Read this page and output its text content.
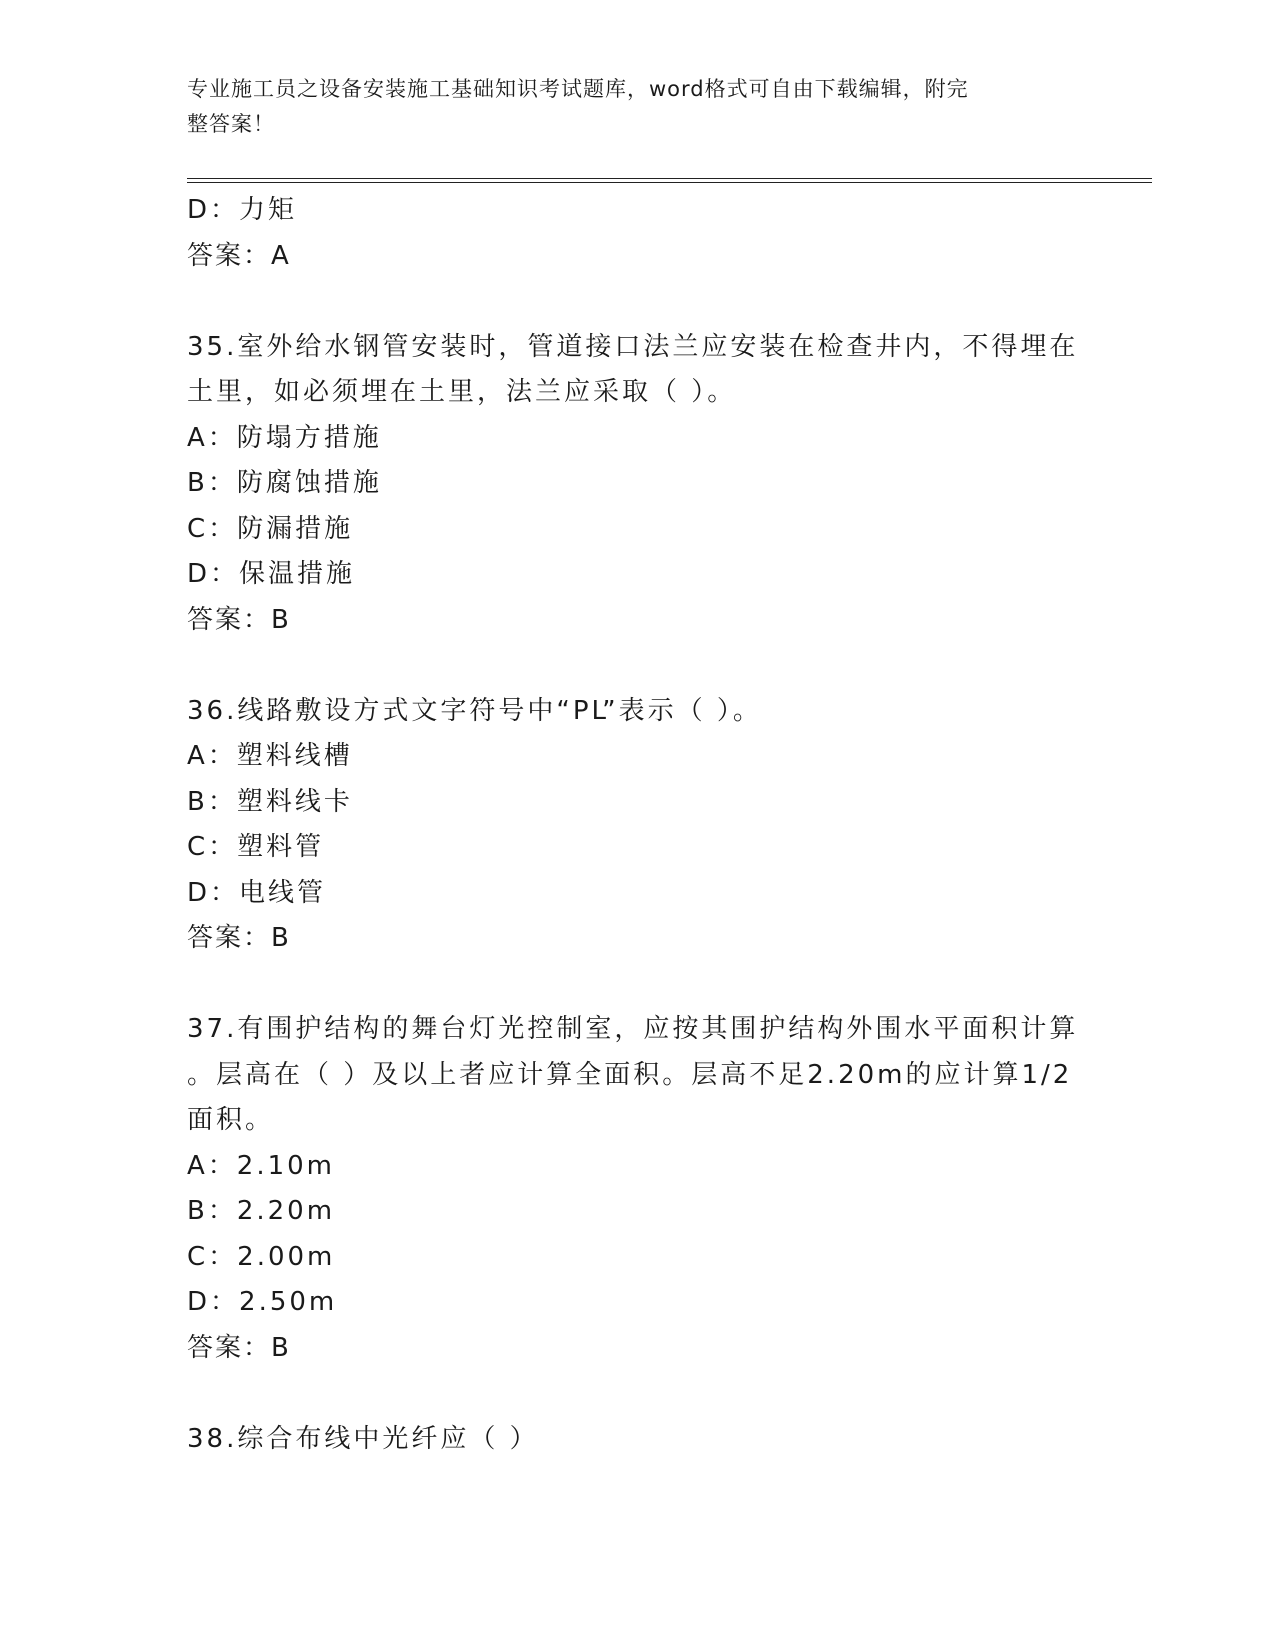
专业施工员之设备安装施工基础知识考试题库，word格式可自由下载编辑，附完
整答案！
D：力矩
答案：A
35.室外给水钢管安装时，管道接口法兰应安装在检查井内，不得埋在
土里，如必须埋在土里，法兰应采取（ ）。
A：防塌方措施
B：防腐蚀措施
C：防漏措施
D：保温措施
答案：B
36.线路敷设方式文字符号中“PL”表示（ ）。
A：塑料线槽
B：塑料线卡
C：塑料管
D：电线管
答案：B
37.有围护结构的舞台灯光控制室，应按其围护结构外围水平面积计算
。层高在（ ）及以上者应计算全面积。层高不足2.20m的应计算1/2
面积。
A：2.10m
B：2.20m
C：2.00m
D：2.50m
答案：B
38.综合布线中光纤应（ ）
